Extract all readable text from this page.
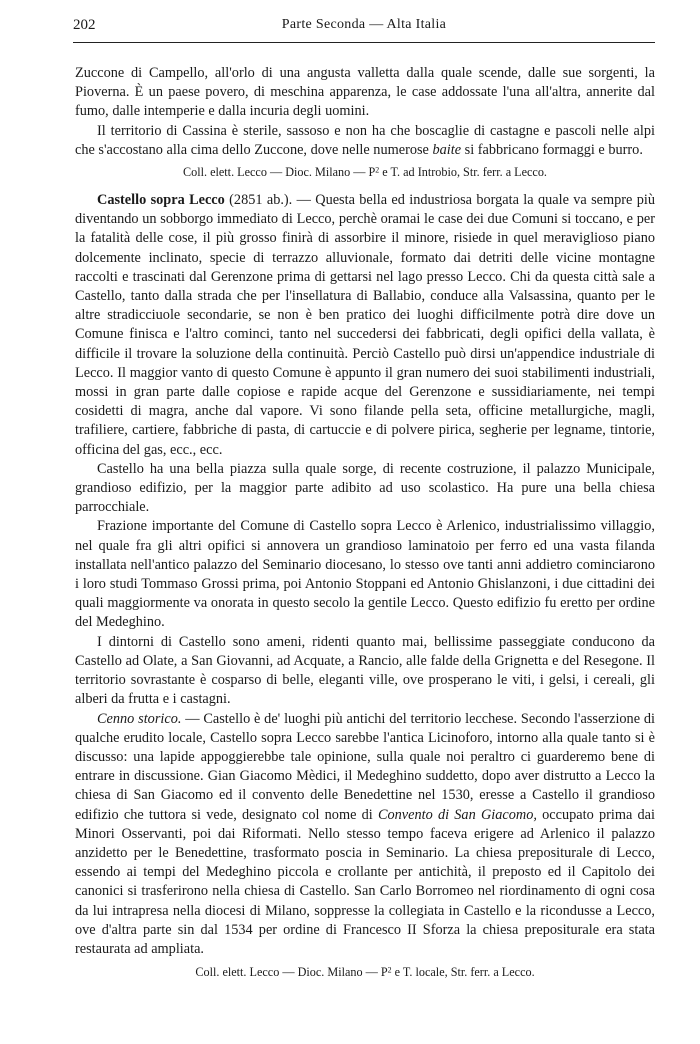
202	Parte Seconda — Alta Italia

Zuccone di Campello, all'orlo di una angusta valletta dalla quale scende, dalle sue sorgenti, la Pioverna. È un paese povero, di meschina apparenza, le case addossate l'una all'altra, annerite dal fumo, dalle intemperie e dalla incuria degli uomini.

Il territorio di Cassina è sterile, sassoso e non ha che boscaglie di castagne e pascoli nelle alpi che s'accostano alla cima dello Zuccone, dove nelle numerose baite si fabbricano formaggi e burro.

Coll. elett. Lecco — Dioc. Milano — $P^2$ e T. ad Introbio, Str. ferr. a Lecco.

Castello sopra Lecco (2851 ab.). — Questa bella ed industriosa borgata la quale va sempre più diventando un sobborgo immediato di Lecco, perchè oramai le case dei due Comuni si toccano, e per la fatalità delle cose, il più grosso finirà di assorbire il minore, risiede in quel meraviglioso piano dolcemente inclinato, specie di terrazzo alluvionale, formato dai detriti delle vicine montagne raccolti e trascinati dal Gerenzone prima di gettarsi nel lago presso Lecco. Chi da questa città sale a Castello, tanto dalla strada che per l'insellatura di Ballabio, conduce alla Valsassina, quanto per le altre stradicciuole secondarie, se non è ben pratico dei luoghi difficilmente potrà dire dove un Comune finisca e l'altro cominci, tanto nel succedersi dei fabbricati, degli opifici della vallata, è difficile il trovare la soluzione della continuità. Perciò Castello può dirsi un'appendice industriale di Lecco. Il maggior vanto di questo Comune è appunto il gran numero dei suoi stabilimenti industriali, mossi in gran parte dalle copiose e rapide acque del Gerenzone e sussidiariamente, nei tempi cosidetti di magra, anche dal vapore. Vi sono filande pella seta, officine metallurgiche, magli, trafiliere, cartiere, fabbriche di pasta, di cartuccie e di polvere pirica, segherie per legname, tintorie, officina del gas, ecc., ecc.

Castello ha una bella piazza sulla quale sorge, di recente costruzione, il palazzo Municipale, grandioso edifizio, per la maggior parte adibito ad uso scolastico. Ha pure una bella chiesa parrocchiale.

Frazione importante del Comune di Castello sopra Lecco è Arlenico, industrialissimo villaggio, nel quale fra gli altri opifici si annovera un grandioso laminatoio per ferro ed una vasta filanda installata nell'antico palazzo del Seminario diocesano, lo stesso ove tanti anni addietro cominciarono i loro studi Tommaso Grossi prima, poi Antonio Stoppani ed Antonio Ghislanzoni, i due cittadini dei quali maggiormente va onorata in questo secolo la gentile Lecco. Questo edifizio fu eretto per ordine del Medeghino.

I dintorni di Castello sono ameni, ridenti quanto mai, bellissime passeggiate conducono da Castello ad Olate, a San Giovanni, ad Acquate, a Rancio, alle falde della Grignetta e del Resegone. Il territorio sovrastante è cosparso di belle, eleganti ville, ove prosperano le viti, i gelsi, i cereali, gli alberi da frutta e i castagni.

Cenno storico. — Castello è de' luoghi più antichi del territorio lecchese. Secondo l'asserzione di qualche erudito locale, Castello sopra Lecco sarebbe l'antica Licinoforo, intorno alla quale tanto si è discusso: una lapide appoggierebbe tale opinione, sulla quale noi peraltro ci guarderemo bene di entrare in discussione. Gian Giacomo Mèdici, il Medeghino suddetto, dopo aver distrutto a Lecco la chiesa di San Giacomo ed il convento delle Benedettine nel 1530, eresse a Castello il grandioso edifizio che tuttora si vede, designato col nome di Convento di San Giacomo, occupato prima dai Minori Osservanti, poi dai Riformati. Nello stesso tempo faceva erigere ad Arlenico il palazzo anzidetto per le Benedettine, trasformato poscia in Seminario. La chiesa prepositurale di Lecco, essendo ai tempi del Medeghino piccola e crollante per antichità, il preposto ed il Capitolo dei canonici si trasferirono nella chiesa di Castello. San Carlo Borromeo nel riordinamento di ogni cosa da lui intrapresa nella diocesi di Milano, soppresse la collegiata in Castello e la ricondusse a Lecco, ove d'altra parte sin dal 1534 per ordine di Francesco II Sforza la chiesa prepositurale era stata restaurata ad ampliata.

Coll. elett. Lecco — Dioc. Milano — $P^2$ e T. locale, Str. ferr. a Lecco.
